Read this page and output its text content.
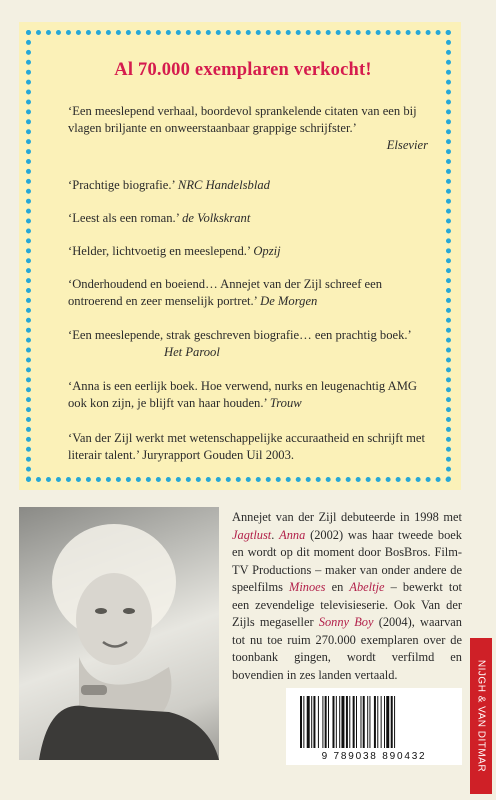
Al 70.000 exemplaren verkocht!
‘Een meeslepend verhaal, boordevol sprankelende citaten van een bij vlagen briljante en onweerstaanbaar grappige schrijfster.’
Elsevier
‘Prachtige biografie.’ NRC Handelsblad
‘Leest als een roman.’ de Volkskrant
‘Helder, lichtvoetig en meeslepend.’ Opzij
‘Onderhoudend en boeiend… Annejet van der Zijl schreef een ontroerend en zeer menselijk portret.’ De Morgen
‘Een meeslepende, strak geschreven biografie… een prachtig boek.’
Het Parool
‘Anna is een eerlijk boek. Hoe verwend, nurks en leugenachtig AMG ook kon zijn, je blijft van haar houden.’ Trouw
‘Van der Zijl werkt met wetenschappelijke accuraatheid en schrijft met literair talent.’ Juryrapport Gouden Uil 2003.
Annejet van der Zijl debuteerde in 1998 met Jagtlust. Anna (2002) was haar tweede boek en wordt op dit moment door BosBros. Film-TV Productions – maker van onder andere de speelfilms Minoes en Abeltje – bewerkt tot een zevendelige televisieserie. Ook Van der Zijls megaseller Sonny Boy (2004), waarvan tot nu toe ruim 270.000 exemplaren over de toonbank gingen, wordt verfilmd en bovendien in zes landen vertaald.
9 789038 890432	NIJGH & VAN DITMAR
